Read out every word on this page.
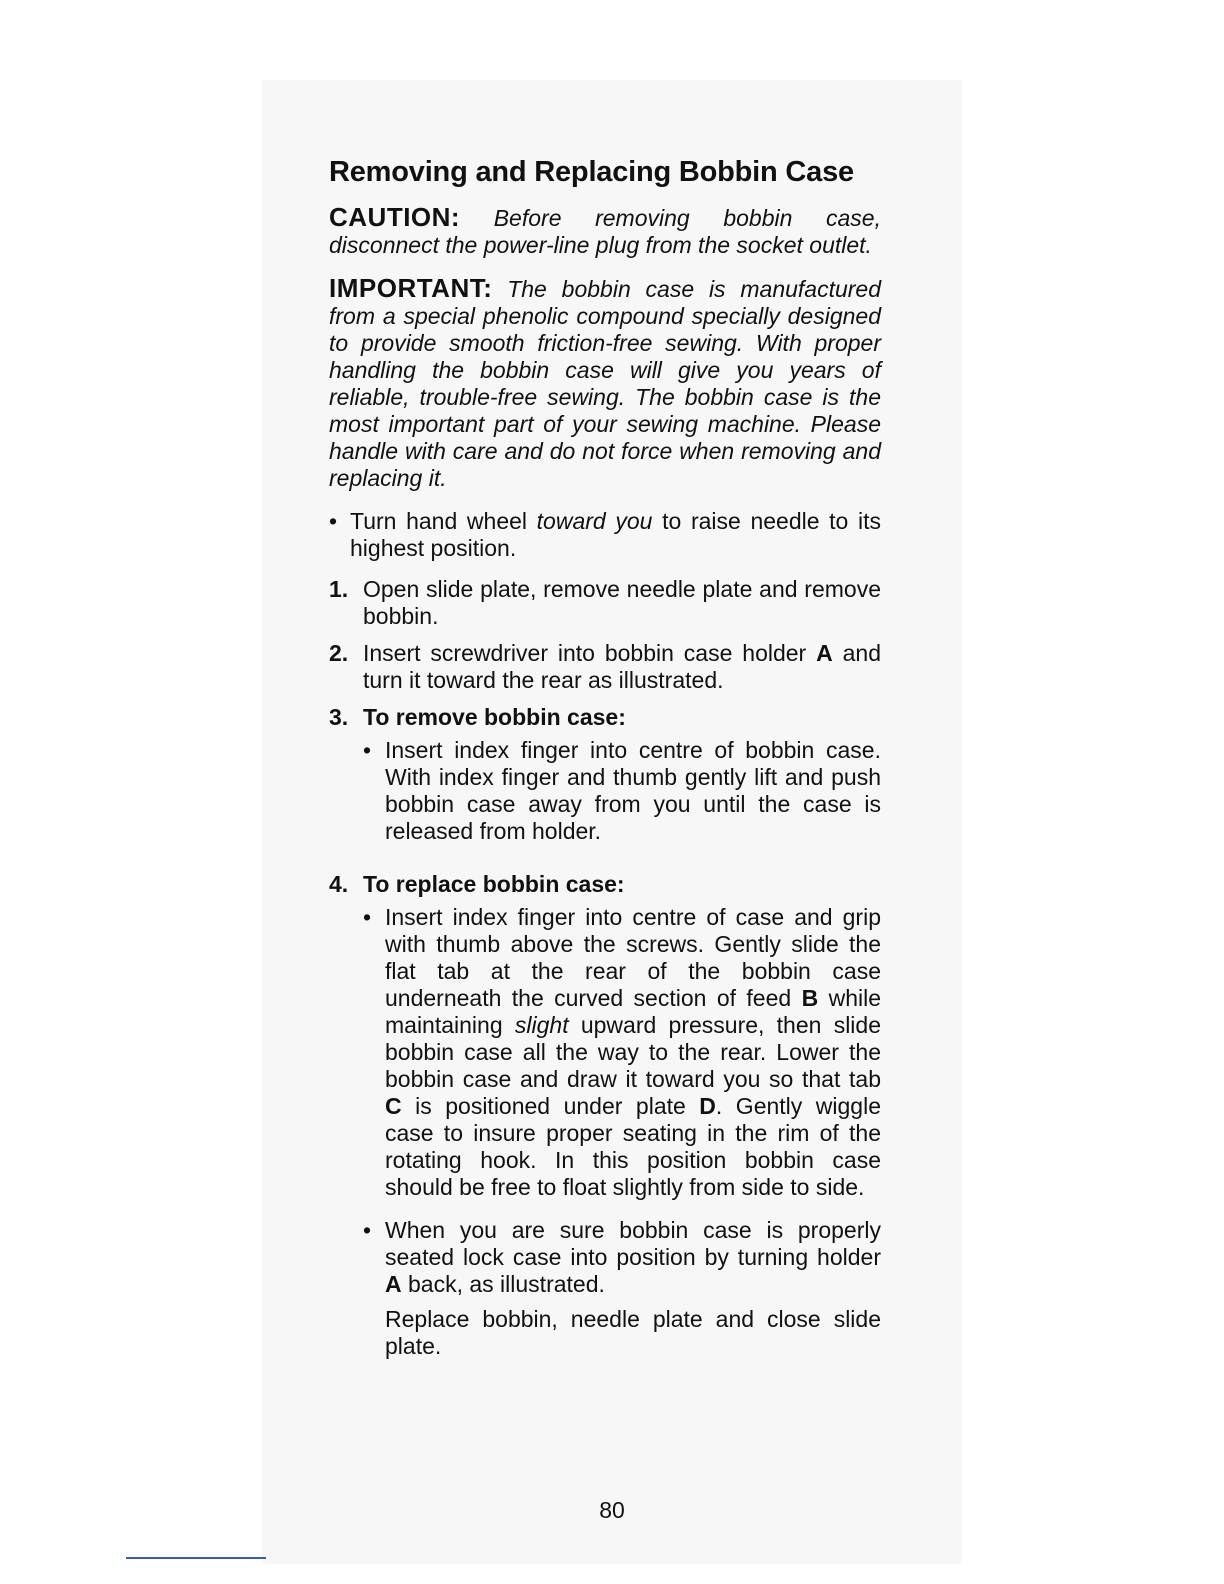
Removing and Replacing Bobbin Case
CAUTION: Before removing bobbin case, disconnect the power-line plug from the socket outlet.
IMPORTANT: The bobbin case is manufactured from a special phenolic compound specially designed to provide smooth friction-free sewing. With proper handling the bobbin case will give you years of reliable, trouble-free sewing. The bobbin case is the most important part of your sewing machine. Please handle with care and do not force when removing and replacing it.
• Turn hand wheel toward you to raise needle to its highest position.
1. Open slide plate, remove needle plate and remove bobbin.
2. Insert screwdriver into bobbin case holder A and turn it toward the rear as illustrated.
3. To remove bobbin case:
• Insert index finger into centre of bobbin case. With index finger and thumb gently lift and push bobbin case away from you until the case is released from holder.
4. To replace bobbin case:
• Insert index finger into centre of case and grip with thumb above the screws. Gently slide the flat tab at the rear of the bobbin case underneath the curved section of feed B while maintaining slight upward pressure, then slide bobbin case all the way to the rear. Lower the bobbin case and draw it toward you so that tab C is positioned under plate D. Gently wiggle case to insure proper seating in the rim of the rotating hook. In this position bobbin case should be free to float slightly from side to side.
• When you are sure bobbin case is properly seated lock case into position by turning holder A back, as illustrated.
Replace bobbin, needle plate and close slide plate.
80
